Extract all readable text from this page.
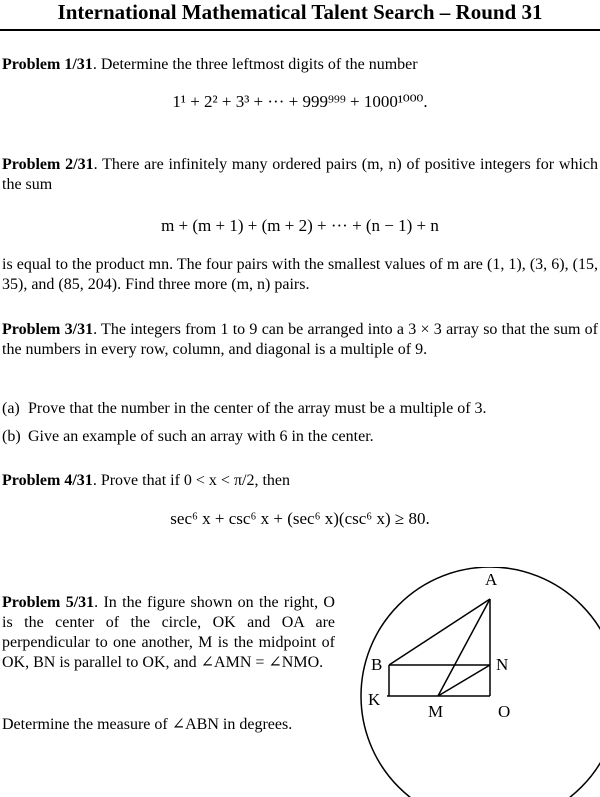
International Mathematical Talent Search – Round 31
Problem 1/31. Determine the three leftmost digits of the number
1¹ + 2² + 3³ + ··· + 999⁹⁹⁹ + 1000¹⁰⁰⁰.
Problem 2/31. There are infinitely many ordered pairs (m, n) of positive integers for which the sum
m + (m + 1) + (m + 2) + ··· + (n − 1) + n
is equal to the product mn. The four pairs with the smallest values of m are (1, 1), (3, 6), (15, 35), and (85, 204). Find three more (m, n) pairs.
Problem 3/31. The integers from 1 to 9 can be arranged into a 3 × 3 array so that the sum of the numbers in every row, column, and diagonal is a multiple of 9.
(a) Prove that the number in the center of the array must be a multiple of 3.
(b) Give an example of such an array with 6 in the center.
Problem 4/31. Prove that if 0 < x < π/2, then
sec⁶ x + csc⁶ x + (sec⁶ x)(csc⁶ x) ≥ 80.
Problem 5/31. In the figure shown on the right, O is the center of the circle, OK and OA are perpendicular to one another, M is the midpoint of OK, BN is parallel to OK, and ∠AMN = ∠NMO.
Determine the measure of ∠ABN in degrees.
A
B	N
K
M	O
